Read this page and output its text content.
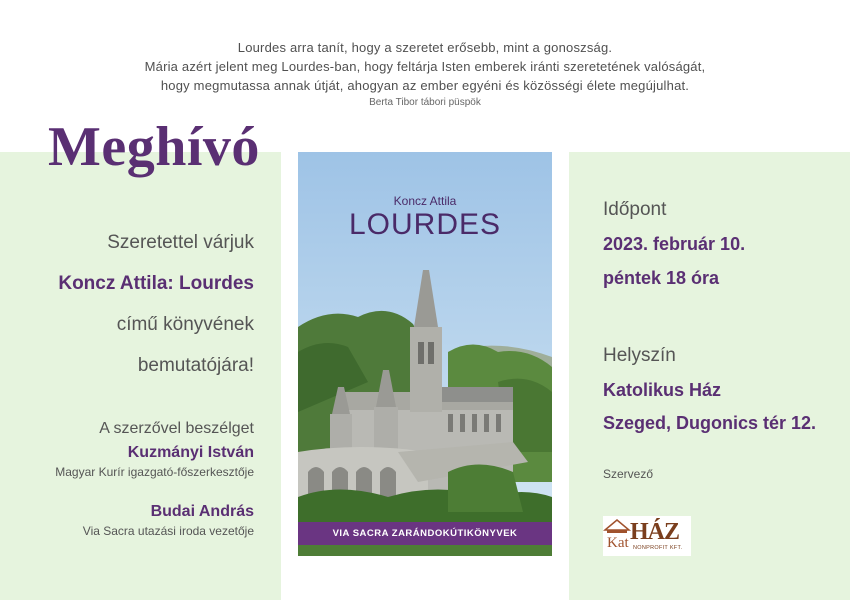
Lourdes arra tanít, hogy a szeretet erősebb, mint a gonoszság.
Mária azért jelent meg Lourdes-ban, hogy feltárja Isten emberek iránti szeretetének valóságát,
hogy megmutassa annak útját, ahogyan az ember egyéni és közösségi élete megújulhat.
Berta Tibor tábori püspök
Meghívó
Szeretettel várjuk
Koncz Attila: Lourdes
című könyvének
bemutatójára!
A szerzővel beszélget
Kuzmányi István
Magyar Kurír igazgató-főszerkesztője
Budai András
Via Sacra utazási iroda vezetője
Koncz Attila
LOURDES
VIA SACRA ZARÁNDOKÚTIKÖNYVEK
Időpont
2023. február 10.
péntek 18 óra
Helyszín
Katolikus Ház
Szeged, Dugonics tér 12.
Szervező
Kat HÁZ
NONPROFIT KFT.
